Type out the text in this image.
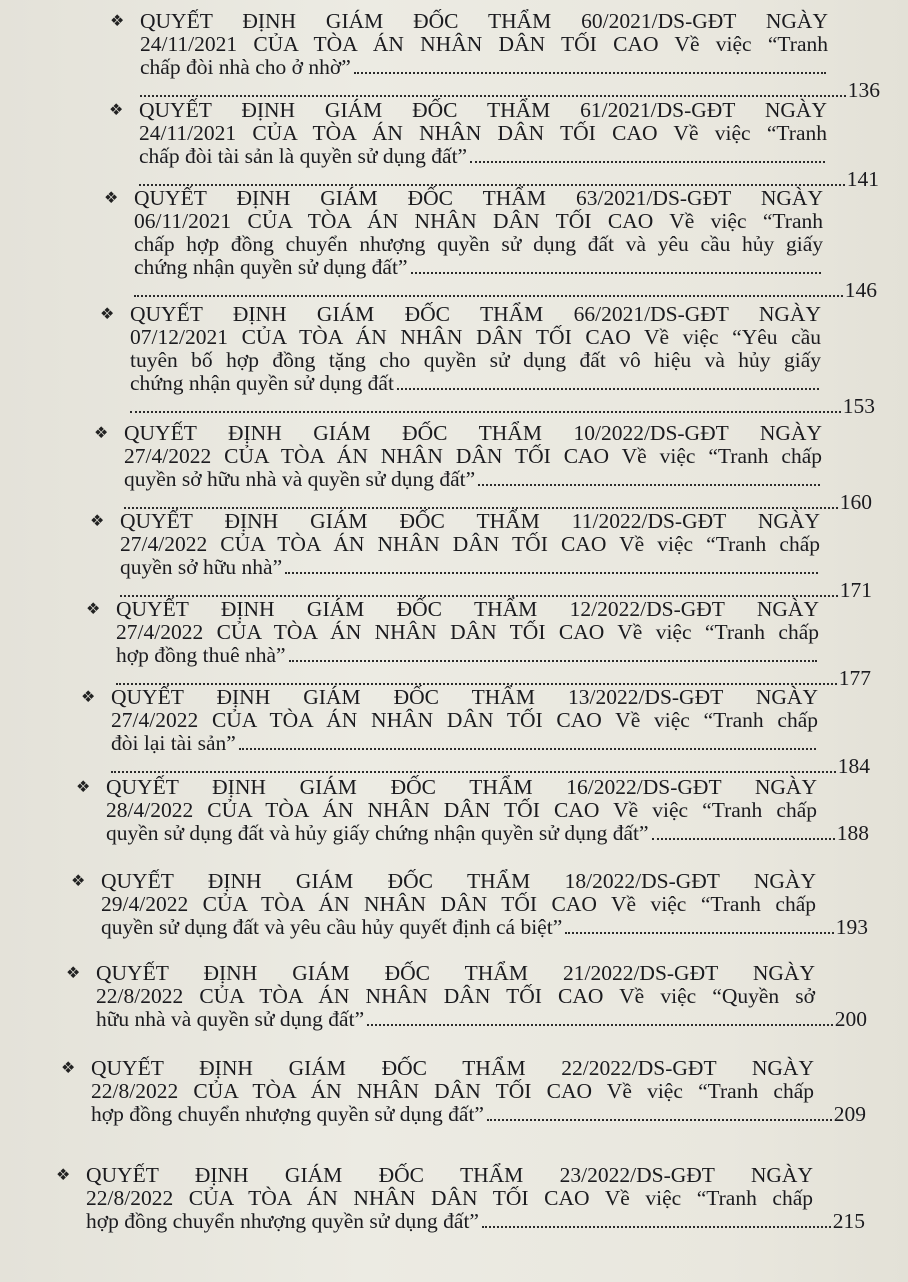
❖ QUYẾT ĐỊNH GIÁM ĐỐC THẨM 60/2021/DS-GĐT NGÀY
24/11/2021 CỦA TÒA ÁN NHÂN DÂN TỐI CAO Về việc “Tranh
chấp đòi nhà cho ở nhờ”
136
❖ QUYẾT ĐỊNH GIÁM ĐỐC THẨM 61/2021/DS-GĐT NGÀY
24/11/2021 CỦA TÒA ÁN NHÂN DÂN TỐI CAO Về việc “Tranh
chấp đòi tài sản là quyền sử dụng đất”
141
❖ QUYẾT ĐỊNH GIÁM ĐỐC THẨM 63/2021/DS-GĐT NGÀY
06/11/2021 CỦA TÒA ÁN NHÂN DÂN TỐI CAO Về việc “Tranh
chấp hợp đồng chuyển nhượng quyền sử dụng đất và yêu cầu hủy giấy
chứng nhận quyền sử dụng đất”
146
❖ QUYẾT ĐỊNH GIÁM ĐỐC THẨM 66/2021/DS-GĐT NGÀY
07/12/2021 CỦA TÒA ÁN NHÂN DÂN TỐI CAO Về việc “Yêu cầu
tuyên bố hợp đồng tặng cho quyền sử dụng đất vô hiệu và hủy giấy
chứng nhận quyền sử dụng đất
153
❖ QUYẾT ĐỊNH GIÁM ĐỐC THẨM 10/2022/DS-GĐT NGÀY
27/4/2022 CỦA TÒA ÁN NHÂN DÂN TỐI CAO Về việc “Tranh chấp
quyền sở hữu nhà và quyền sử dụng đất”
160
❖ QUYẾT ĐỊNH GIÁM ĐỐC THẨM 11/2022/DS-GĐT NGÀY
27/4/2022 CỦA TÒA ÁN NHÂN DÂN TỐI CAO Về việc “Tranh chấp
quyền sở hữu nhà”
171
❖ QUYẾT ĐỊNH GIÁM ĐỐC THẨM 12/2022/DS-GĐT NGÀY
27/4/2022 CỦA TÒA ÁN NHÂN DÂN TỐI CAO Về việc “Tranh chấp
hợp đồng thuê nhà”
177
❖ QUYẾT ĐỊNH GIÁM ĐỐC THẨM 13/2022/DS-GĐT NGÀY
27/4/2022 CỦA TÒA ÁN NHÂN DÂN TỐI CAO Về việc “Tranh chấp
đòi lại tài sản”
184
❖ QUYẾT ĐỊNH GIÁM ĐỐC THẨM 16/2022/DS-GĐT NGÀY
28/4/2022 CỦA TÒA ÁN NHÂN DÂN TỐI CAO Về việc “Tranh chấp
quyền sử dụng đất và hủy giấy chứng nhận quyền sử dụng đất”	188
❖ QUYẾT ĐỊNH GIÁM ĐỐC THẨM 18/2022/DS-GĐT NGÀY
29/4/2022 CỦA TÒA ÁN NHÂN DÂN TỐI CAO Về việc “Tranh chấp
quyền sử dụng đất và yêu cầu hủy quyết định cá biệt”	193
❖ QUYẾT ĐỊNH GIÁM ĐỐC THẨM 21/2022/DS-GĐT NGÀY
22/8/2022 CỦA TÒA ÁN NHÂN DÂN TỐI CAO Về việc “Quyền sở
hữu nhà và quyền sử dụng đất”	200
❖ QUYẾT ĐỊNH GIÁM ĐỐC THẨM 22/2022/DS-GĐT NGÀY
22/8/2022 CỦA TÒA ÁN NHÂN DÂN TỐI CAO Về việc “Tranh chấp
hợp đồng chuyển nhượng quyền sử dụng đất”	209
❖ QUYẾT ĐỊNH GIÁM ĐỐC THẨM 23/2022/DS-GĐT NGÀY
22/8/2022 CỦA TÒA ÁN NHÂN DÂN TỐI CAO Về việc “Tranh chấp
hợp đồng chuyển nhượng quyền sử dụng đất”	215
